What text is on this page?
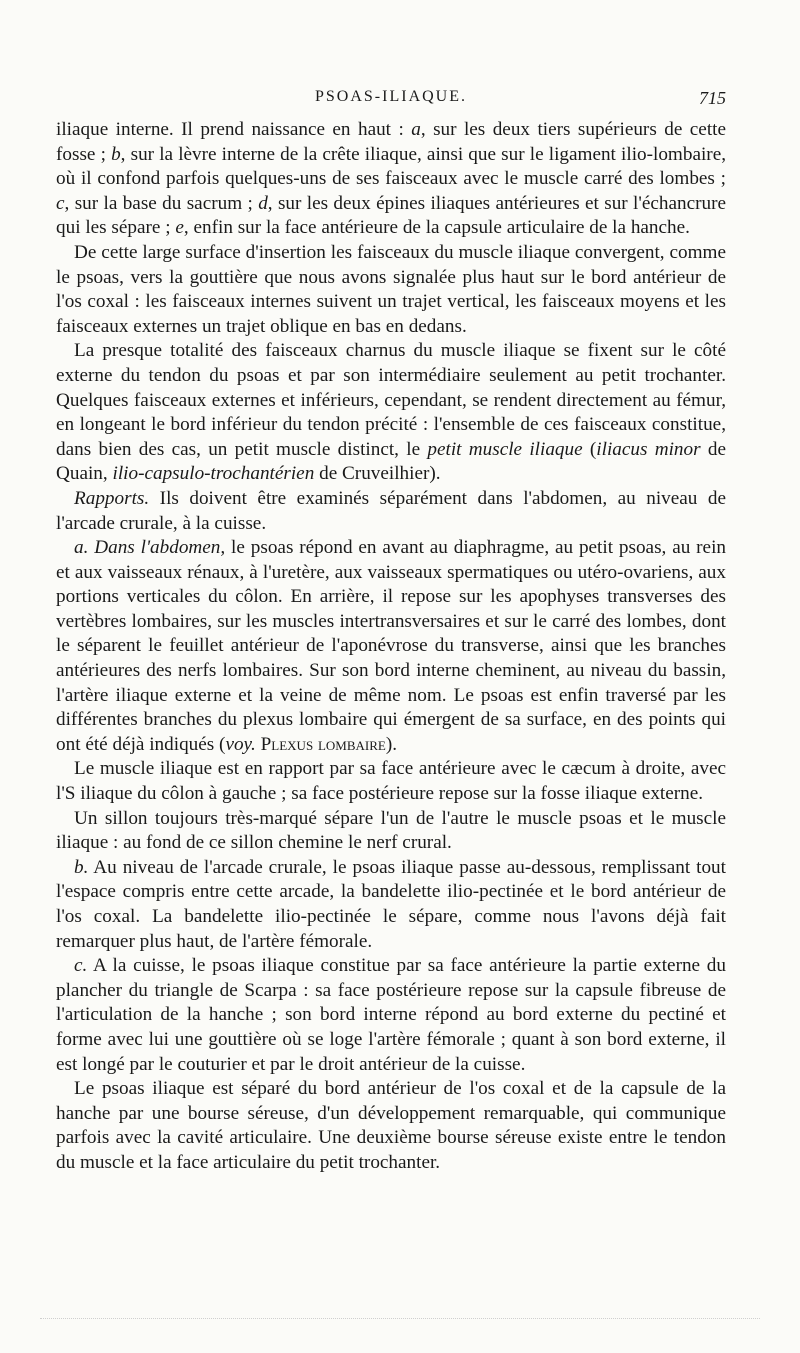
PSOAS-ILIAQUE.	715

iliaque interne. Il prend naissance en haut : a, sur les deux tiers supérieurs de cette fosse ; b, sur la lèvre interne de la crête iliaque, ainsi que sur le ligament ilio-lombaire, où il confond parfois quelques-uns de ses faisceaux avec le muscle carré des lombes ; c, sur la base du sacrum ; d, sur les deux épines iliaques antérieures et sur l'échancrure qui les sépare ; e, enfin sur la face antérieure de la capsule articulaire de la hanche.

De cette large surface d'insertion les faisceaux du muscle iliaque convergent, comme le psoas, vers la gouttière que nous avons signalée plus haut sur le bord antérieur de l'os coxal : les faisceaux internes suivent un trajet vertical, les faisceaux moyens et les faisceaux externes un trajet oblique en bas en dedans.

La presque totalité des faisceaux charnus du muscle iliaque se fixent sur le côté externe du tendon du psoas et par son intermédiaire seulement au petit trochanter. Quelques faisceaux externes et inférieurs, cependant, se rendent directement au fémur, en longeant le bord inférieur du tendon précité : l'ensemble de ces faisceaux constitue, dans bien des cas, un petit muscle distinct, le petit muscle iliaque (iliacus minor de Quain, ilio-capsulo-trochantérien de Cruveilhier).

Rapports. Ils doivent être examinés séparément dans l'abdomen, au niveau de l'arcade crurale, à la cuisse.

a. Dans l'abdomen, le psoas répond en avant au diaphragme, au petit psoas, au rein et aux vaisseaux rénaux, à l'uretère, aux vaisseaux spermatiques ou utéro-ovariens, aux portions verticales du côlon. En arrière, il repose sur les apophyses transverses des vertèbres lombaires, sur les muscles intertransversaires et sur le carré des lombes, dont le séparent le feuillet antérieur de l'aponévrose du transverse, ainsi que les branches antérieures des nerfs lombaires. Sur son bord interne cheminent, au niveau du bassin, l'artère iliaque externe et la veine de même nom. Le psoas est enfin traversé par les différentes branches du plexus lombaire qui émergent de sa surface, en des points qui ont été déjà indiqués (voy. Plexus lombaire).

Le muscle iliaque est en rapport par sa face antérieure avec le cæcum à droite, avec l'S iliaque du côlon à gauche ; sa face postérieure repose sur la fosse iliaque externe.

Un sillon toujours très-marqué sépare l'un de l'autre le muscle psoas et le muscle iliaque : au fond de ce sillon chemine le nerf crural.

b. Au niveau de l'arcade crurale, le psoas iliaque passe au-dessous, remplissant tout l'espace compris entre cette arcade, la bandelette ilio-pectinée et le bord antérieur de l'os coxal. La bandelette ilio-pectinée le sépare, comme nous l'avons déjà fait remarquer plus haut, de l'artère fémorale.

c. A la cuisse, le psoas iliaque constitue par sa face antérieure la partie externe du plancher du triangle de Scarpa : sa face postérieure repose sur la capsule fibreuse de l'articulation de la hanche ; son bord interne répond au bord externe du pectiné et forme avec lui une gouttière où se loge l'artère fémorale ; quant à son bord externe, il est longé par le couturier et par le droit antérieur de la cuisse.

Le psoas iliaque est séparé du bord antérieur de l'os coxal et de la capsule de la hanche par une bourse séreuse, d'un développement remarquable, qui communique parfois avec la cavité articulaire. Une deuxième bourse séreuse existe entre le tendon du muscle et la face articulaire du petit trochanter.
